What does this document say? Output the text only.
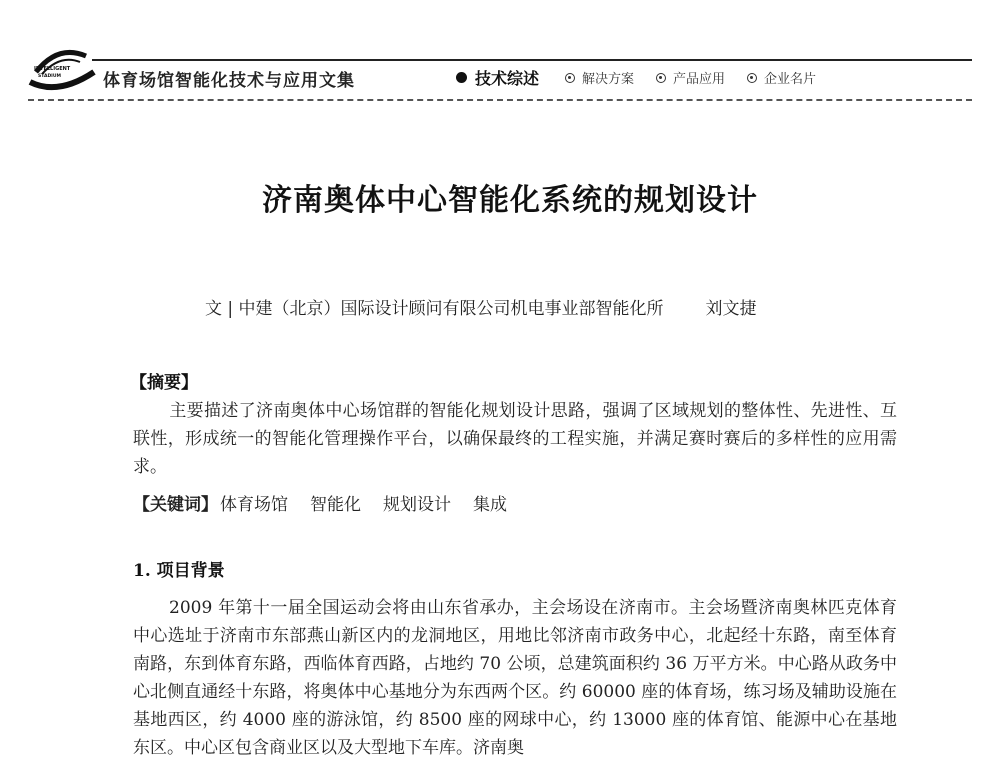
INTELLIGENT
STADIUM 体育场馆智能化技术与应用文集	技术综述	解决方案	产品应用	企业名片
济南奥体中心智能化系统的规划设计
文 | 中建（北京）国际设计顾问有限公司机电事业部智能化所 刘文捷
【摘要】
主要描述了济南奥体中心场馆群的智能化规划设计思路，强调了区域规划的整体性、先进性、互联性，形成统一的智能化管理操作平台，以确保最终的工程实施，并满足赛时赛后的多样性的应用需求。
【关键词】 体育场馆 智能化 规划设计 集成
1. 项目背景
2009 年第十一届全国运动会将由山东省承办，主会场设在济南市。主会场暨济南奥林匹克体育中心选址于济南市东部燕山新区内的龙洞地区，用地比邻济南市政务中心，北起经十东路，南至体育南路，东到体育东路，西临体育西路，占地约 70 公顷，总建筑面积约 36 万平方米。中心路从政务中心北侧直通经十东路，将奥体中心基地分为东西两个区。约 60000 座的体育场，练习场及辅助设施在基地西区，约 4000 座的游泳馆，约 8500 座的网球中心，约 13000 座的体育馆、能源中心在基地东区。中心区包含商业区以及大型地下车库。济南奥
